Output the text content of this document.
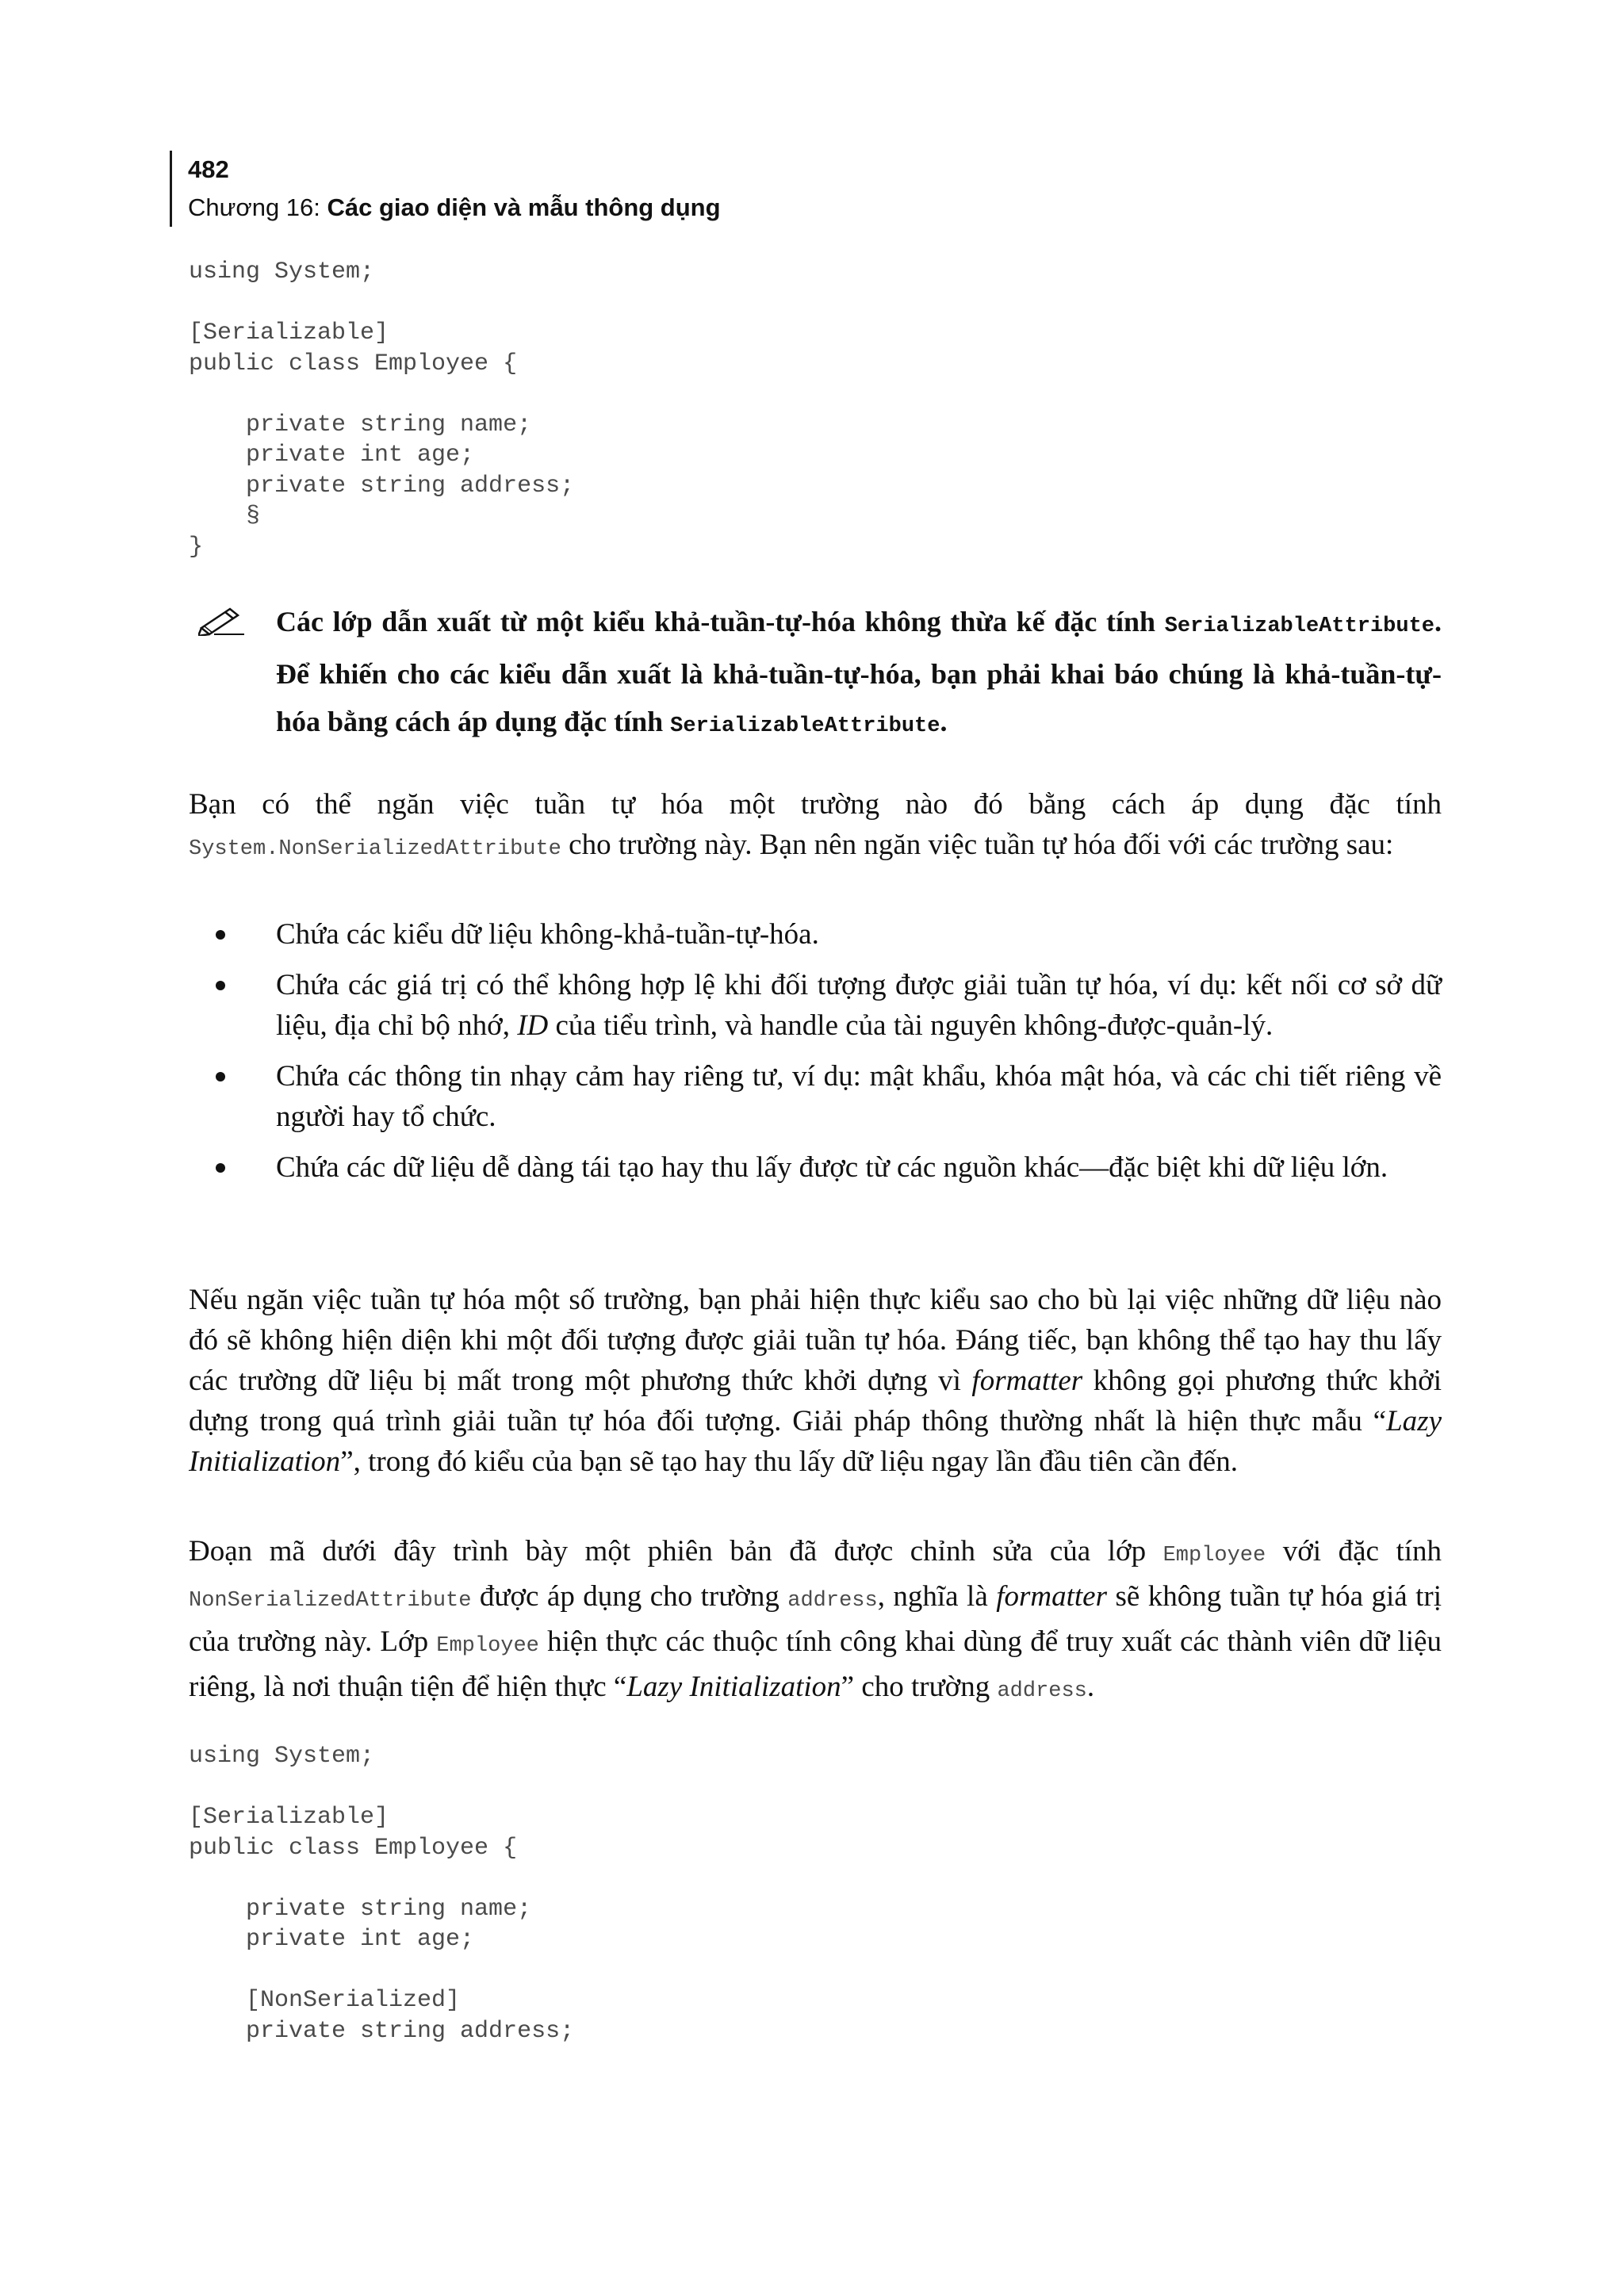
482
Chương 16: Các giao diện và mẫu thông dụng
using System;

[Serializable]
public class Employee {

private string name;
private int age;
private string address;
§
}
Các lớp dẫn xuất từ một kiểu khả-tuần-tự-hóa không thừa kế đặc tính SerializableAttribute. Để khiến cho các kiểu dẫn xuất là khả-tuần-tự-hóa, bạn phải khai báo chúng là khả-tuần-tự-hóa bằng cách áp dụng đặc tính SerializableAttribute.

Bạn có thể ngăn việc tuần tự hóa một trường nào đó bằng cách áp dụng đặc tính System.NonSerializedAttribute cho trường này. Bạn nên ngăn việc tuần tự hóa đối với các trường sau:

Chứa các kiểu dữ liệu không-khả-tuần-tự-hóa.
Chứa các giá trị có thể không hợp lệ khi đối tượng được giải tuần tự hóa, ví dụ: kết nối cơ sở dữ liệu, địa chỉ bộ nhớ, ID của tiểu trình, và handle của tài nguyên không-được-quản-lý.
Chứa các thông tin nhạy cảm hay riêng tư, ví dụ: mật khẩu, khóa mật hóa, và các chi tiết riêng về người hay tổ chức.
Chứa các dữ liệu dễ dàng tái tạo hay thu lấy được từ các nguồn khác—đặc biệt khi dữ liệu lớn.

Nếu ngăn việc tuần tự hóa một số trường, bạn phải hiện thực kiểu sao cho bù lại việc những dữ liệu nào đó sẽ không hiện diện khi một đối tượng được giải tuần tự hóa. Đáng tiếc, bạn không thể tạo hay thu lấy các trường dữ liệu bị mất trong một phương thức khởi dựng vì formatter không gọi phương thức khởi dựng trong quá trình giải tuần tự hóa đối tượng. Giải pháp thông thường nhất là hiện thực mẫu “Lazy Initialization”, trong đó kiểu của bạn sẽ tạo hay thu lấy dữ liệu ngay lần đầu tiên cần đến.

Đoạn mã dưới đây trình bày một phiên bản đã được chỉnh sửa của lớp Employee với đặc tính NonSerializedAttribute được áp dụng cho trường address, nghĩa là formatter sẽ không tuần tự hóa giá trị của trường này. Lớp Employee hiện thực các thuộc tính công khai dùng để truy xuất các thành viên dữ liệu riêng, là nơi thuận tiện để hiện thực “Lazy Initialization” cho trường address.

using System;

[Serializable]
public class Employee {

private string name;
private int age;

[NonSerialized]
private string address;
